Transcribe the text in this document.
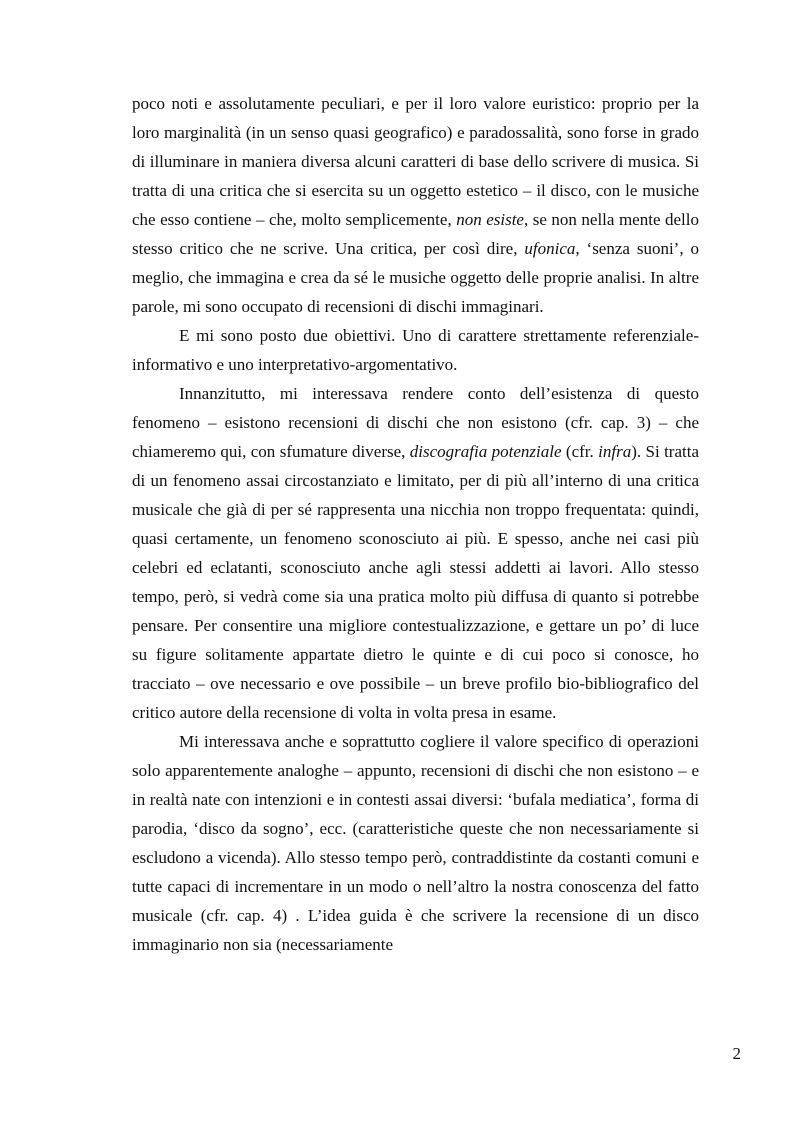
poco noti e assolutamente peculiari, e per il loro valore euristico: proprio per la loro marginalità (in un senso quasi geografico) e paradossalità, sono forse in grado di illuminare in maniera diversa alcuni caratteri di base dello scrivere di musica. Si tratta di una critica che si esercita su un oggetto estetico – il disco, con le musiche che esso contiene – che, molto semplicemente, non esiste, se non nella mente dello stesso critico che ne scrive. Una critica, per così dire, ufonica, ‘senza suoni’, o meglio, che immagina e crea da sé le musiche oggetto delle proprie analisi. In altre parole, mi sono occupato di recensioni di dischi immaginari.

E mi sono posto due obiettivi. Uno di carattere strettamente referenziale-informativo e uno interpretativo-argomentativo.

Innanzitutto, mi interessava rendere conto dell’esistenza di questo fenomeno – esistono recensioni di dischi che non esistono (cfr. cap. 3) – che chiameremo qui, con sfumature diverse, discografia potenziale (cfr. infra). Si tratta di un fenomeno assai circostanziato e limitato, per di più all’interno di una critica musicale che già di per sé rappresenta una nicchia non troppo frequentata: quindi, quasi certamente, un fenomeno sconosciuto ai più. E spesso, anche nei casi più celebri ed eclatanti, sconosciuto anche agli stessi addetti ai lavori. Allo stesso tempo, però, si vedrà come sia una pratica molto più diffusa di quanto si potrebbe pensare. Per consentire una migliore contestualizzazione, e gettare un po’ di luce su figure solitamente appartate dietro le quinte e di cui poco si conosce, ho tracciato – ove necessario e ove possibile – un breve profilo bio-bibliografico del critico autore della recensione di volta in volta presa in esame.

Mi interessava anche e soprattutto cogliere il valore specifico di operazioni solo apparentemente analoghe – appunto, recensioni di dischi che non esistono – e in realtà nate con intenzioni e in contesti assai diversi: ‘bufala mediatica’, forma di parodia, ‘disco da sogno’, ecc. (caratteristiche queste che non necessariamente si escludono a vicenda). Allo stesso tempo però, contraddistinte da costanti comuni e tutte capaci di incrementare in un modo o nell’altro la nostra conoscenza del fatto musicale (cfr. cap. 4) . L’idea guida è che scrivere la recensione di un disco immaginario non sia (necessariamente

2
